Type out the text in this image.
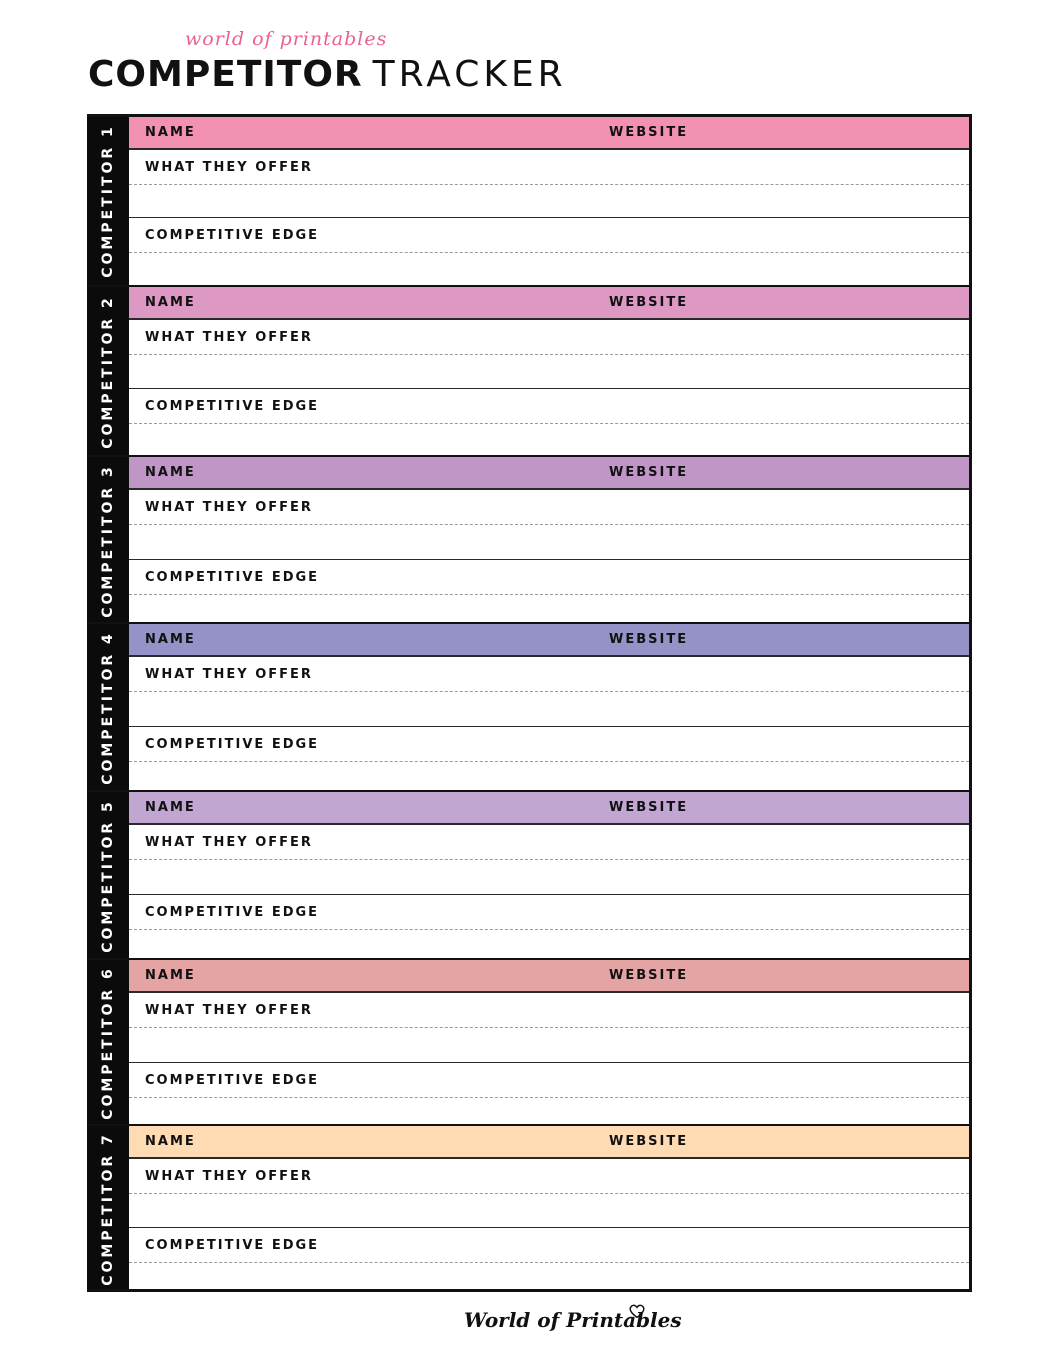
world of printables
COMPETITOR TRACKER
COMPETITOR 1 NAME	WEBSITE
WHAT THEY OFFER
COMPETITIVE EDGE
COMPETITOR 2 NAME	WEBSITE
WHAT THEY OFFER
COMPETITIVE EDGE
COMPETITOR 3 NAME	WEBSITE
WHAT THEY OFFER
COMPETITIVE EDGE
COMPETITOR 4 NAME	WEBSITE
WHAT THEY OFFER
COMPETITIVE EDGE
COMPETITOR 5 NAME	WEBSITE
WHAT THEY OFFER
COMPETITIVE EDGE
COMPETITOR 6 NAME	WEBSITE
WHAT THEY OFFER
COMPETITIVE EDGE
COMPETITOR 7 NAME	WEBSITE
WHAT THEY OFFER
COMPETITIVE EDGE
World of Printables
